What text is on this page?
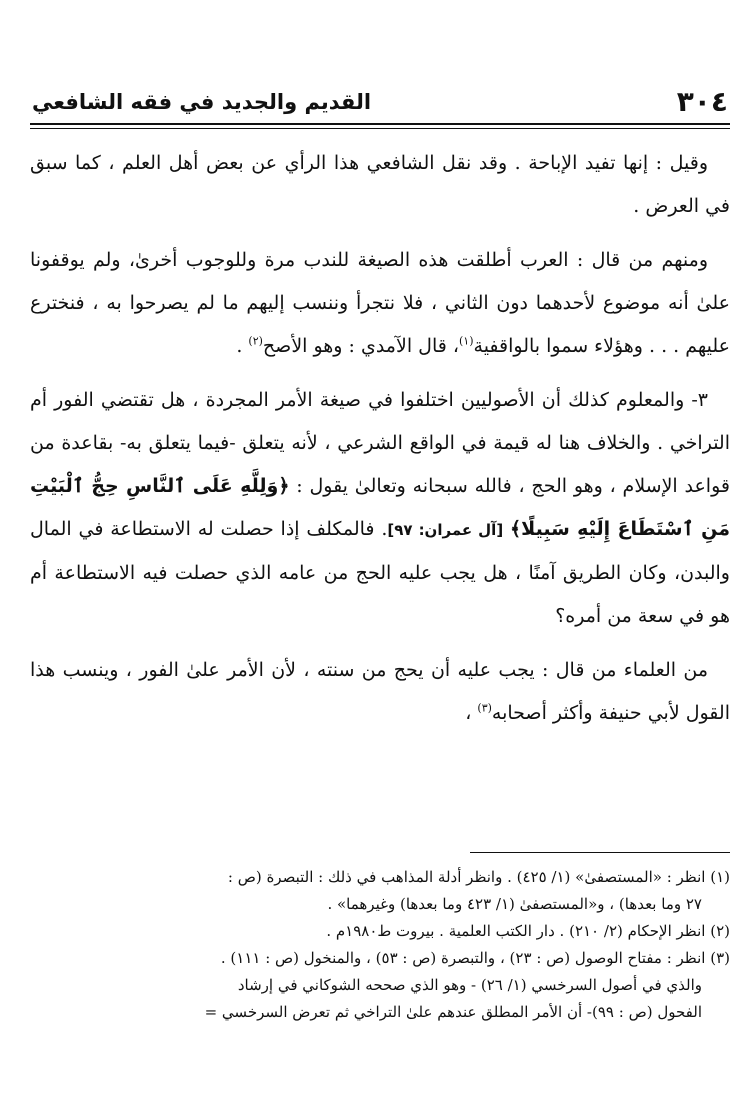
٣٠٤
القديم والجديد في فقه الشافعي

وقيل : إنها تفيد الإباحة . وقد نقل الشافعي هذا الرأي عن بعض أهل العلم ، كما سبق في العرض .

ومنهم من قال : العرب أطلقت هذه الصيغة للندب مرة وللوجوب أخرىٰ، ولم يوقفونا علىٰ أنه موضوع لأحدهما دون الثاني ، فلا نتجرأ وننسب إليهم ما لم يصرحوا به ، فنخترع عليهم . . . وهؤلاء سموا بالواقفية$^{(١)}$، قال الآمدي : وهو الأصح$^{(٢)}$ .

٣- والمعلوم كذلك أن الأصوليين اختلفوا في صيغة الأمر المجردة ، هل تقتضي الفور أم التراخي . والخلاف هنا له قيمة في الواقع الشرعي ، لأنه يتعلق -فيما يتعلق به- بقاعدة من قواعد الإسلام ، وهو الحج ، فالله سبحانه وتعالىٰ يقول : ﴿وَلِلَّهِ عَلَى ٱلنَّاسِ حِجُّ ٱلْبَيْتِ مَنِ ٱسْتَطَاعَ إِلَيْهِ سَبِيلًا﴾ [آل عمران: ٩٧]. فالمكلف إذا حصلت له الاستطاعة في المال والبدن، وكان الطريق آمنًا ، هل يجب عليه الحج من عامه الذي حصلت فيه الاستطاعة أم هو في سعة من أمره؟

من العلماء من قال : يجب عليه أن يحج من سنته ، لأن الأمر علىٰ الفور ، وينسب هذا القول لأبي حنيفة وأكثر أصحابه$^{(٣)}$ ،

(١) انظر : «المستصفىٰ» (١/ ٤٢٥) . وانظر أدلة المذاهب في ذلك : التبصرة (ص :

٢٧ وما بعدها) ، و«المستصفىٰ (١/ ٤٢٣ وما بعدها) وغيرهما» .

(٢) انظر الإحكام (٢/ ٢١٠) . دار الكتب العلمية . بيروت ط١٩٨٠م .

(٣) انظر : مفتاح الوصول (ص : ٢٣) ، والتبصرة (ص : ٥٣) ، والمنخول (ص : ١١١) .

والذي في أصول السرخسي (١/ ٢٦) - وهو الذي صححه الشوكاني في إرشاد

الفحول (ص : ٩٩)- أن الأمر المطلق عندهم علىٰ التراخي ثم تعرض السرخسي =
